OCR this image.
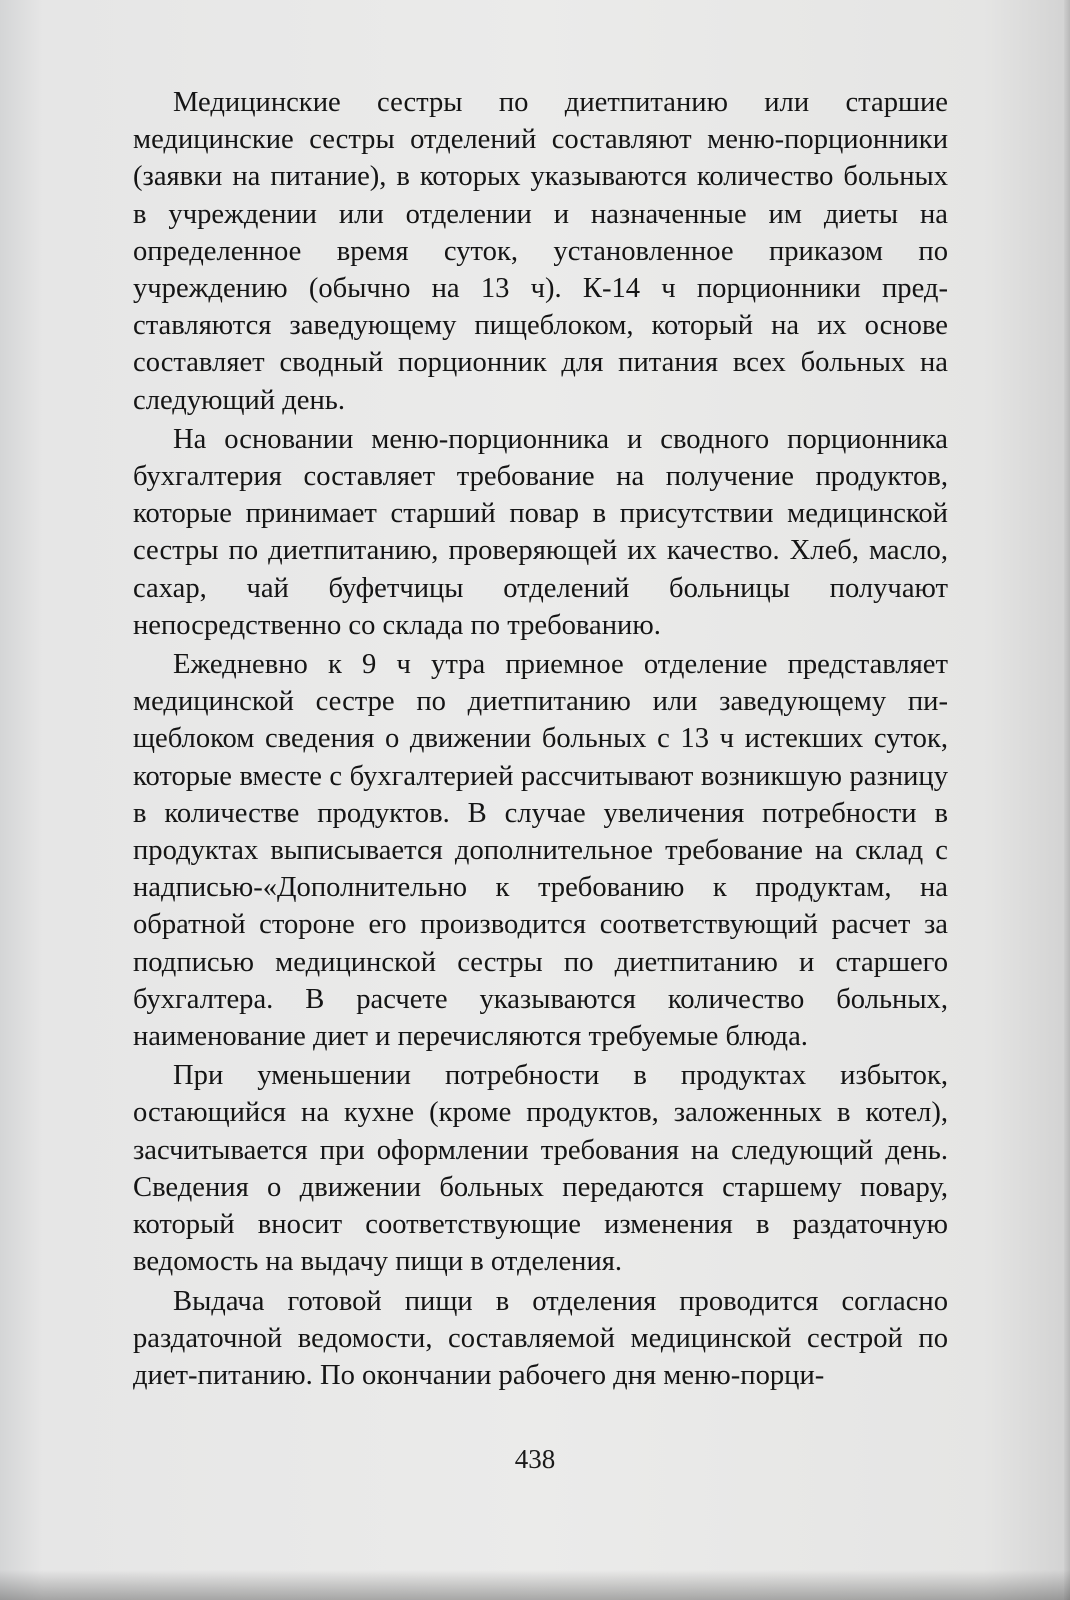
Медицинские сестры по диетпитанию или старшие медицинские сестры отделений составляют меню-порционники (заявки на питание), в которых указываются количество больных в учреждении или отделении и назначенные им диеты на определенное время суток, установленное приказом по учреждению (обычно на 13 ч). К-14 ч порционники представляются заведующему пищеблоком, который на их основе составляет сводный порционник для питания всех больных на следующий день.

На основании меню-порционника и сводного порционника бухгалтерия составляет требование на получение продуктов, которые принимает старший повар в присутствии медицинской сестры по диетпитанию, проверяющей их качество. Хлеб, масло, сахар, чай буфетчицы отделений больницы получают непосредственно со склада по требованию.

Ежедневно к 9 ч утра приемное отделение представляет медицинской сестре по диетпитанию или заведующему пищеблоком сведения о движении больных с 13 ч истекших суток, которые вместе с бухгалтерией рассчитывают возникшую разницу в количестве продуктов. В случае увеличения потребности в продуктах выписывается дополнительное требование на склад с надписью-«Дополнительно к требованию к продуктам, на обратной стороне его производится соответствующий расчет за подписью медицинской сестры по диетпитанию и старшего бухгалтера. В расчете указываются количество больных, наименование диет и перечисляются требуемые блюда.

При уменьшении потребности в продуктах избыток, остающийся на кухне (кроме продуктов, заложенных в котел), засчитывается при оформлении требования на следующий день. Сведения о движении больных передаются старшему повару, который вносит соответствующие изменения в раздаточную ведомость на выдачу пищи в отделения.

Выдача готовой пищи в отделения проводится согласно раздаточной ведомости, составляемой медицинской сестрой по диет-питанию. По окончании рабочего дня меню-порци-

438
